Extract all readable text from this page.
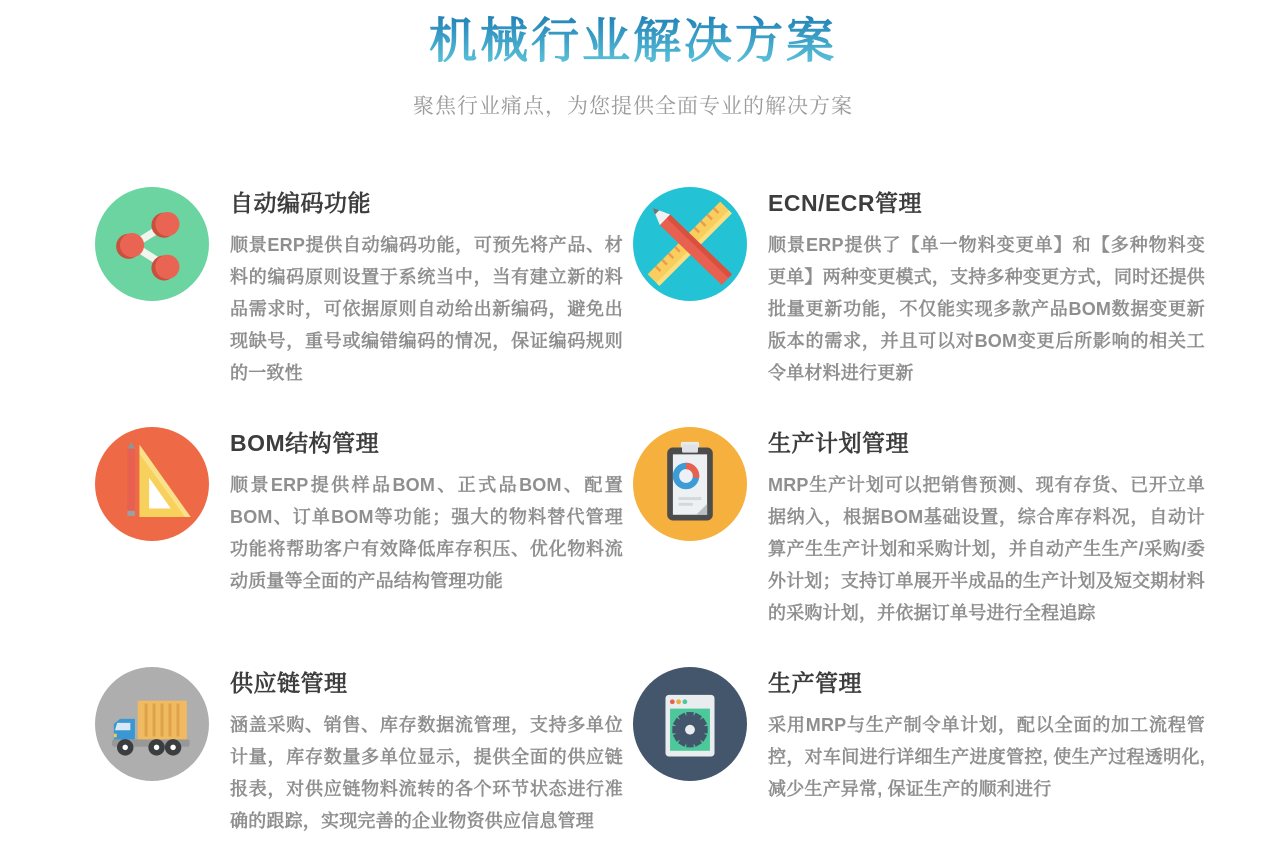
机械行业解决方案
聚焦行业痛点，为您提供全面专业的解决方案
自动编码功能

顺景ERP提供自动编码功能，可预先将产品、材料的编码原则设置于系统当中，当有建立新的料品需求时，可依据原则自动给出新编码，避免出现缺号，重号或编错编码的情况，保证编码规则的一致性

ECN/ECR管理

顺景ERP提供了【单一物料变更单】和【多种物料变更单】两种变更模式，支持多种变更方式，同时还提供批量更新功能，不仅能实现多款产品BOM数据变更新版本的需求，并且可以对BOM变更后所影响的相关工令单材料进行更新

BOM结构管理

顺景ERP提供样品BOM、正式品BOM、配置BOM、订单BOM等功能；强大的物料替代管理功能将帮助客户有效降低库存积压、优化物料流动质量等全面的产品结构管理功能

生产计划管理

MRP生产计划可以把销售预测、现有存货、已开立单据纳入，根据BOM基础设置，综合库存料况，自动计算产生生产计划和采购计划，并自动产生生产/采购/委外计划；支持订单展开半成品的生产计划及短交期材料的采购计划，并依据订单号进行全程追踪

供应链管理

涵盖采购、销售、库存数据流管理，支持多单位计量，库存数量多单位显示，提供全面的供应链报表，对供应链物料流转的各个环节状态进行准确的跟踪，实现完善的企业物资供应信息管理

生产管理

采用MRP与生产制令单计划，配以全面的加工流程管控，对车间进行详细生产进度管控, 使生产过程透明化, 减少生产异常, 保证生产的顺利进行
